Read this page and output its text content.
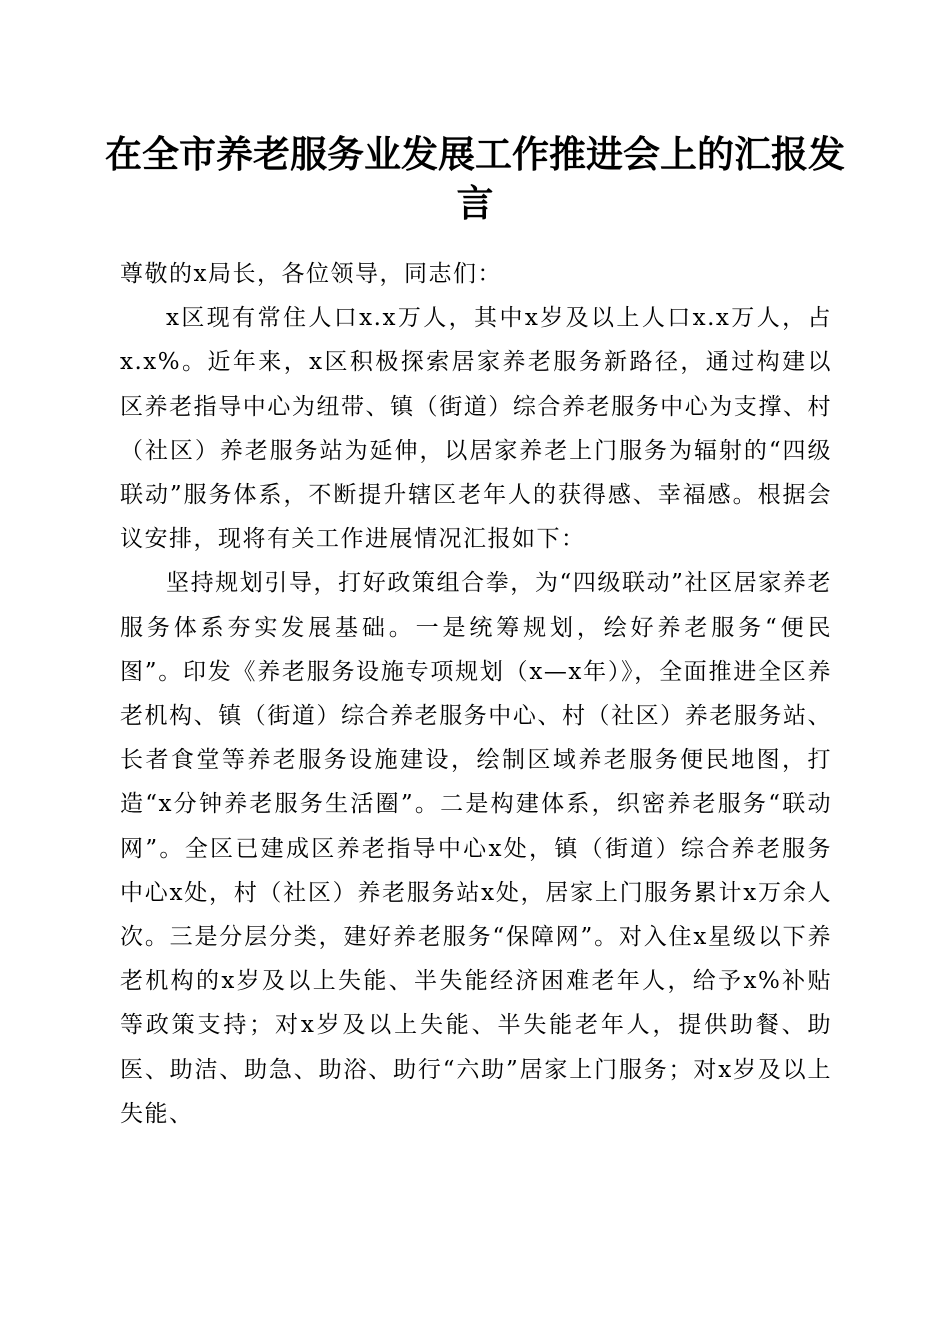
在全市养老服务业发展工作推进会上的汇报发言

尊敬的x局长，各位领导，同志们：

x区现有常住人口x.x万人，其中x岁及以上人口x.x万人，占x.x%。近年来，x区积极探索居家养老服务新路径，通过构建以区养老指导中心为纽带、镇（街道）综合养老服务中心为支撑、村（社区）养老服务站为延伸，以居家养老上门服务为辐射的“四级联动”服务体系，不断提升辖区老年人的获得感、幸福感。根据会议安排，现将有关工作进展情况汇报如下：

坚持规划引导，打好政策组合拳，为“四级联动”社区居家养老服务体系夯实发展基础。一是统筹规划，绘好养老服务“便民图”。印发《养老服务设施专项规划（x—x年）》，全面推进全区养老机构、镇（街道）综合养老服务中心、村（社区）养老服务站、长者食堂等养老服务设施建设，绘制区域养老服务便民地图，打造“x分钟养老服务生活圈”。二是构建体系，织密养老服务“联动网”。全区已建成区养老指导中心x处，镇（街道）综合养老服务中心x处，村（社区）养老服务站x处，居家上门服务累计x万余人次。三是分层分类，建好养老服务“保障网”。对入住x星级以下养老机构的x岁及以上失能、半失能经济困难老年人，给予x%补贴等政策支持；对x岁及以上失能、半失能老年人，提供助餐、助医、助洁、助急、助浴、助行“六助”居家上门服务；对x岁及以上失能、
